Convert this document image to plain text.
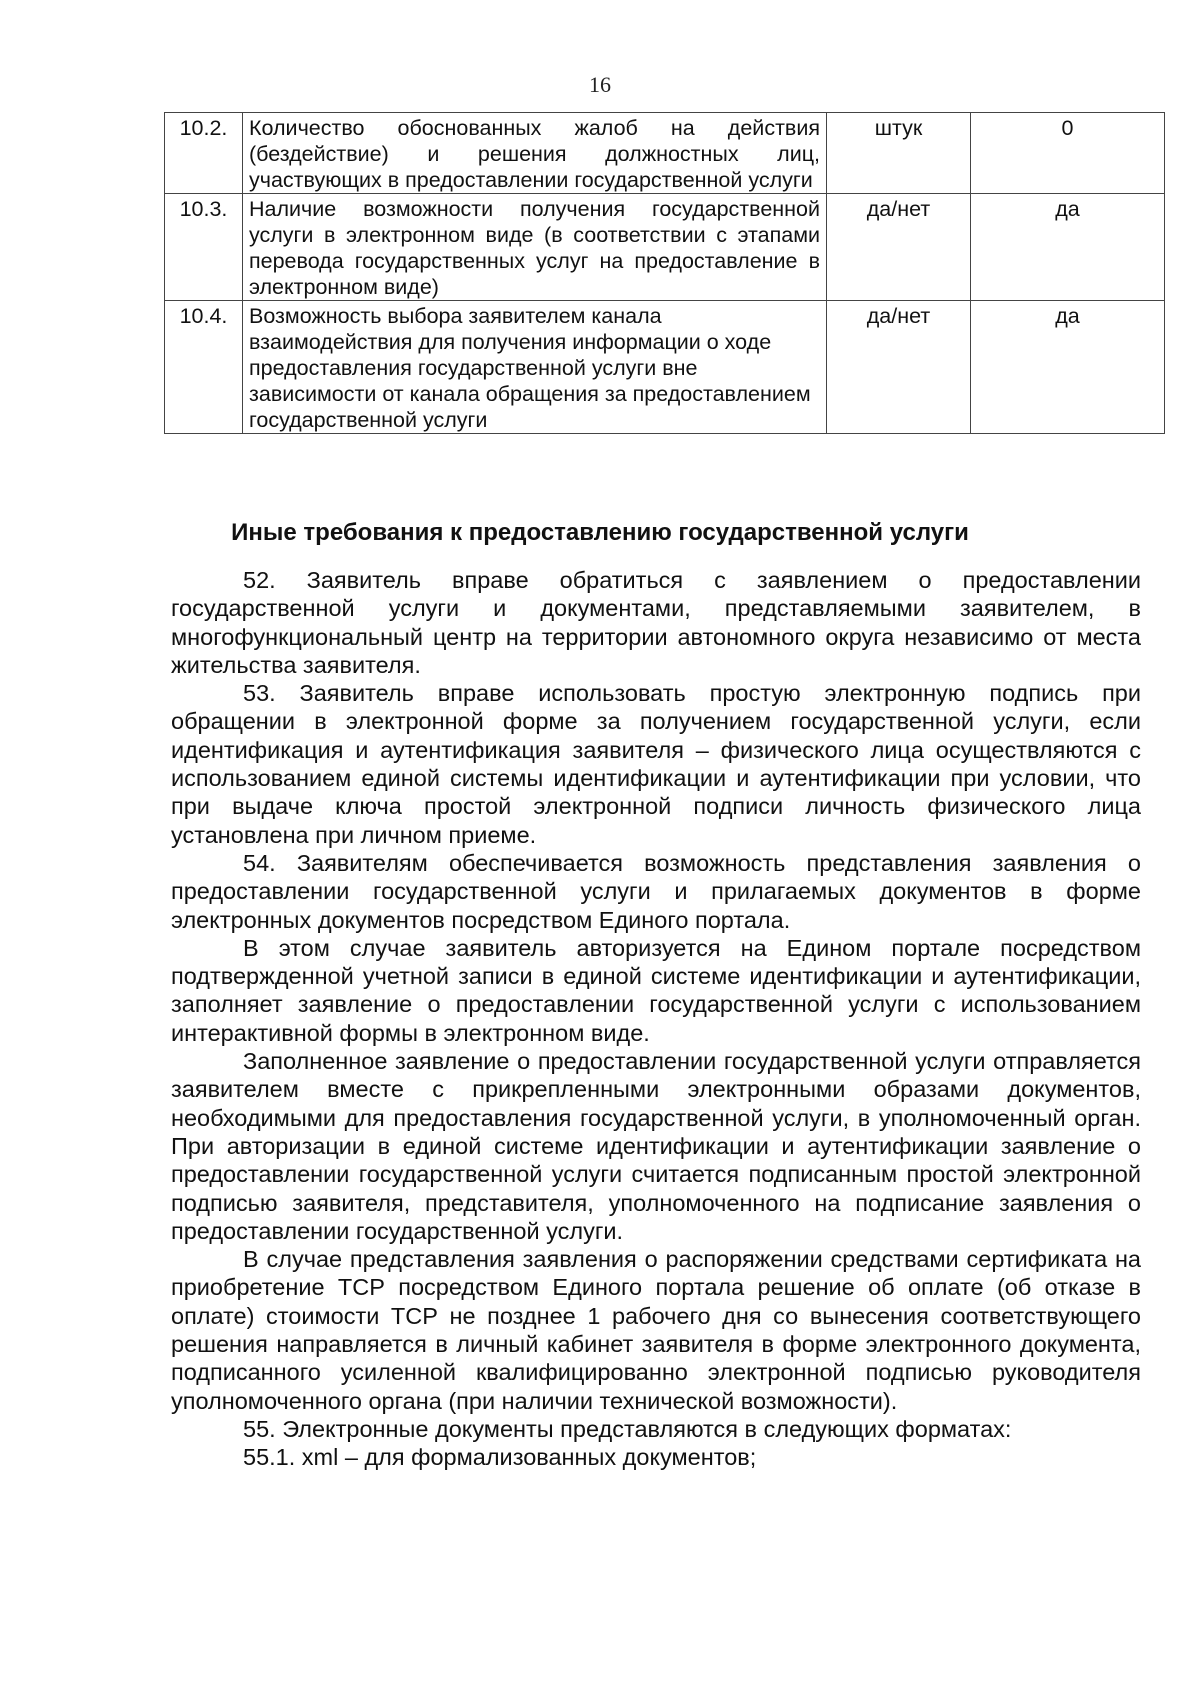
16
10.2.	Количество обоснованных жалоб на действия (бездействие) и решения должностных лиц, участвующих в предоставлении государственной услуги	штук	0
10.3.	Наличие возможности получения государственной услуги в электронном виде (в соответствии с этапами перевода государственных услуг на предоставление в электронном виде)	да/нет	да
10.4.	Возможность выбора заявителем канала взаимодействия для получения информации о ходе предоставления государственной услуги вне зависимости от канала обращения за предоставлением государственной услуги	да/нет	да
Иные требования к предоставлению государственной услуги

52. Заявитель вправе обратиться с заявлением о предоставлении государственной услуги и документами, представляемыми заявителем, в многофункциональный центр на территории автономного округа независимо от места жительства заявителя.

53. Заявитель вправе использовать простую электронную подпись при обращении в электронной форме за получением государственной услуги, если идентификация и аутентификация заявителя – физического лица осуществляются с использованием единой системы идентификации и аутентификации при условии, что при выдаче ключа простой электронной подписи личность физического лица установлена при личном приеме.

54. Заявителям обеспечивается возможность представления заявления о предоставлении государственной услуги и прилагаемых документов в форме электронных документов посредством Единого портала.

В этом случае заявитель авторизуется на Едином портале посредством подтвержденной учетной записи в единой системе идентификации и аутентификации, заполняет заявление о предоставлении государственной услуги с использованием интерактивной формы в электронном виде.

Заполненное заявление о предоставлении государственной услуги отправляется заявителем вместе с прикрепленными электронными образами документов, необходимыми для предоставления государственной услуги, в уполномоченный орган. При авторизации в единой системе идентификации и аутентификации заявление о предоставлении государственной услуги считается подписанным простой электронной подписью заявителя, представителя, уполномоченного на подписание заявления о предоставлении государственной услуги.

В случае представления заявления о распоряжении средствами сертификата на приобретение ТСР посредством Единого портала решение об оплате (об отказе в оплате) стоимости ТСР не позднее 1 рабочего дня со вынесения соответствующего решения направляется в личный кабинет заявителя в форме электронного документа, подписанного усиленной квалифицированно электронной подписью руководителя уполномоченного органа (при наличии технической возможности).

55. Электронные документы представляются в следующих форматах:

55.1. xml – для формализованных документов;
